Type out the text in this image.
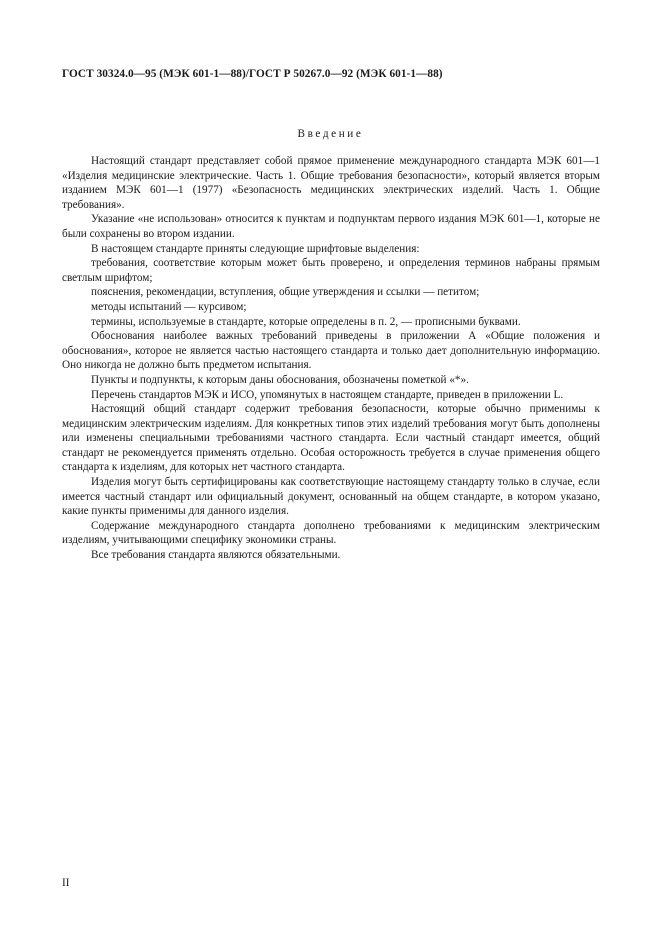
ГОСТ 30324.0—95 (МЭК 601-1—88)/ГОСТ Р 50267.0—92 (МЭК 601-1—88)
Введение

Настоящий стандарт представляет собой прямое применение международного стандарта МЭК 601—1 «Изделия медицинские электрические. Часть 1. Общие требования безопасности», который является вторым изданием МЭК 601—1 (1977) «Безопасность медицинских электрических изделий. Часть 1. Общие требования».

Указание «не использован» относится к пунктам и подпунктам первого издания МЭК 601—1, которые не были сохранены во втором издании.

В настоящем стандарте приняты следующие шрифтовые выделения:

требования, соответствие которым может быть проверено, и определения терминов набраны прямым светлым шрифтом;

пояснения, рекомендации, вступления, общие утверждения и ссылки — петитом;

методы испытаний — курсивом;

термины, используемые в стандарте, которые определены в п. 2, — прописными буквами.

Обоснования наиболее важных требований приведены в приложении А «Общие положения и обоснования», которое не является частью настоящего стандарта и только дает дополнительную информацию. Оно никогда не должно быть предметом испытания.

Пункты и подпункты, к которым даны обоснования, обозначены пометкой «*».

Перечень стандартов МЭК и ИСО, упомянутых в настоящем стандарте, приведен в приложении L.

Настоящий общий стандарт содержит требования безопасности, которые обычно применимы к медицинским электрическим изделиям. Для конкретных типов этих изделий требования могут быть дополнены или изменены специальными требованиями частного стандарта. Если частный стандарт имеется, общий стандарт не рекомендуется применять отдельно. Особая осторожность требуется в случае применения общего стандарта к изделиям, для которых нет частного стандарта.

Изделия могут быть сертифицированы как соответствующие настоящему стандарту только в случае, если имеется частный стандарт или официальный документ, основанный на общем стандарте, в котором указано, какие пункты применимы для данного изделия.

Содержание международного стандарта дополнено требованиями к медицинским электрическим изделиям, учитывающими специфику экономики страны.

Все требования стандарта являются обязательными.

II
